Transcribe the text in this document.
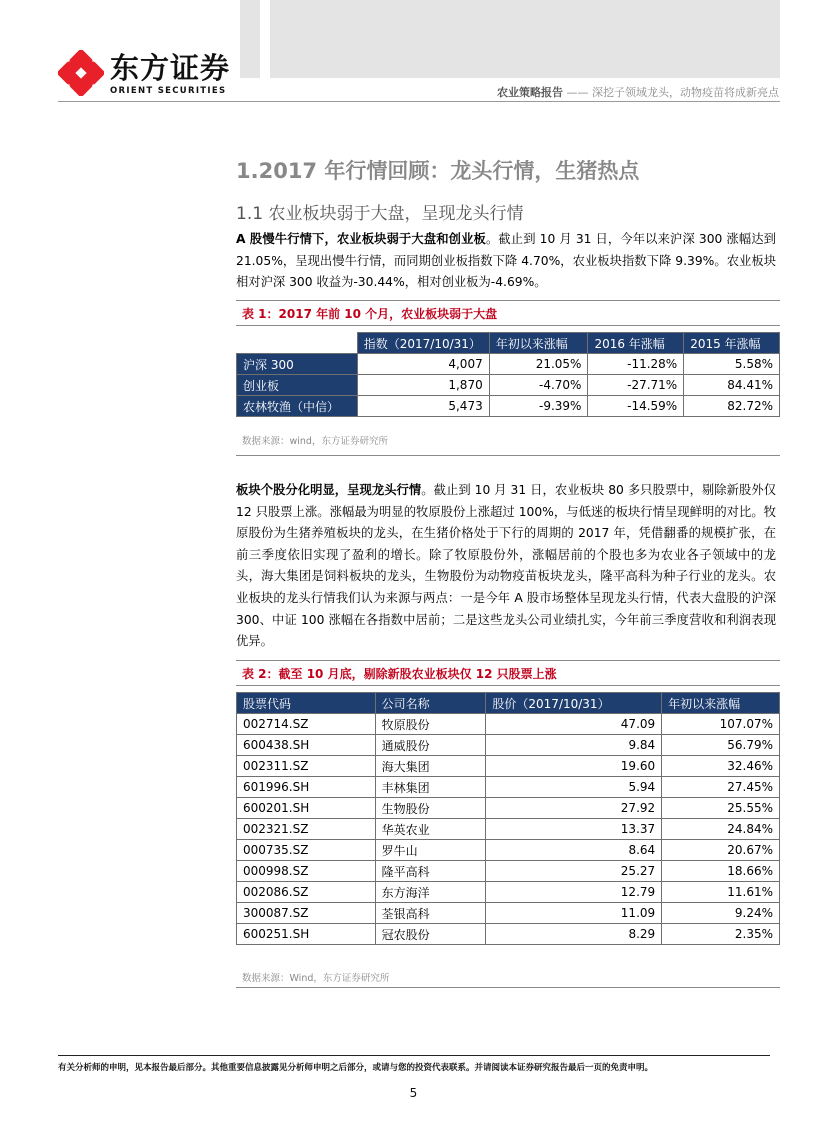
东方证券
ORIENT SECURITIES	农业策略报告 —— 深挖子领域龙头，动物疫苗将成新亮点
1.2017 年行情回顾：龙头行情，生猪热点
1.1 农业板块弱于大盘，呈现龙头行情
A 股慢牛行情下，农业板块弱于大盘和创业板。截止到 10 月 31 日，今年以来沪深 300 涨幅达到 21.05%，呈现出慢牛行情，而同期创业板指数下降 4.70%，农业板块指数下降 9.39%。农业板块相对沪深 300 收益为-30.44%，相对创业板为-4.69%。
表 1：2017 年前 10 个月，农业板块弱于大盘
	指数（2017/10/31）	年初以来涨幅	2016 年涨幅	2015 年涨幅
沪深 300	4,007	21.05%	-11.28%	5.58%
创业板	1,870	-4.70%	-27.71%	84.41%
农林牧渔（中信）	5,473	-9.39%	-14.59%	82.72%
数据来源：wind，东方证券研究所
板块个股分化明显，呈现龙头行情。截止到 10 月 31 日，农业板块 80 多只股票中，剔除新股外仅 12 只股票上涨。涨幅最为明显的牧原股份上涨超过 100%，与低迷的板块行情呈现鲜明的对比。牧原股份为生猪养殖板块的龙头，在生猪价格处于下行的周期的 2017 年，凭借翻番的规模扩张，在前三季度依旧实现了盈利的增长。除了牧原股份外，涨幅居前的个股也多为农业各子领域中的龙头，海大集团是饲料板块的龙头，生物股份为动物疫苗板块龙头，隆平高科为种子行业的龙头。农业板块的龙头行情我们认为来源与两点：一是今年 A 股市场整体呈现龙头行情，代表大盘股的沪深 300、中证 100 涨幅在各指数中居前；二是这些龙头公司业绩扎实，今年前三季度营收和利润表现优异。
表 2：截至 10 月底，剔除新股农业板块仅 12 只股票上涨
股票代码	公司名称	股价（2017/10/31）	年初以来涨幅
002714.SZ	牧原股份	47.09	107.07%
600438.SH	通威股份	9.84	56.79%
002311.SZ	海大集团	19.60	32.46%
601996.SH	丰林集团	5.94	27.45%
600201.SH	生物股份	27.92	25.55%
002321.SZ	华英农业	13.37	24.84%
000735.SZ	罗牛山	8.64	20.67%
000998.SZ	隆平高科	25.27	18.66%
002086.SZ	东方海洋	12.79	11.61%
300087.SZ	荃银高科	11.09	9.24%
600251.SH	冠农股份	8.29	2.35%
数据来源：Wind，东方证券研究所
有关分析师的申明，见本报告最后部分。其他重要信息披露见分析师申明之后部分，或请与您的投资代表联系。并请阅读本证券研究报告最后一页的免责申明。
5
